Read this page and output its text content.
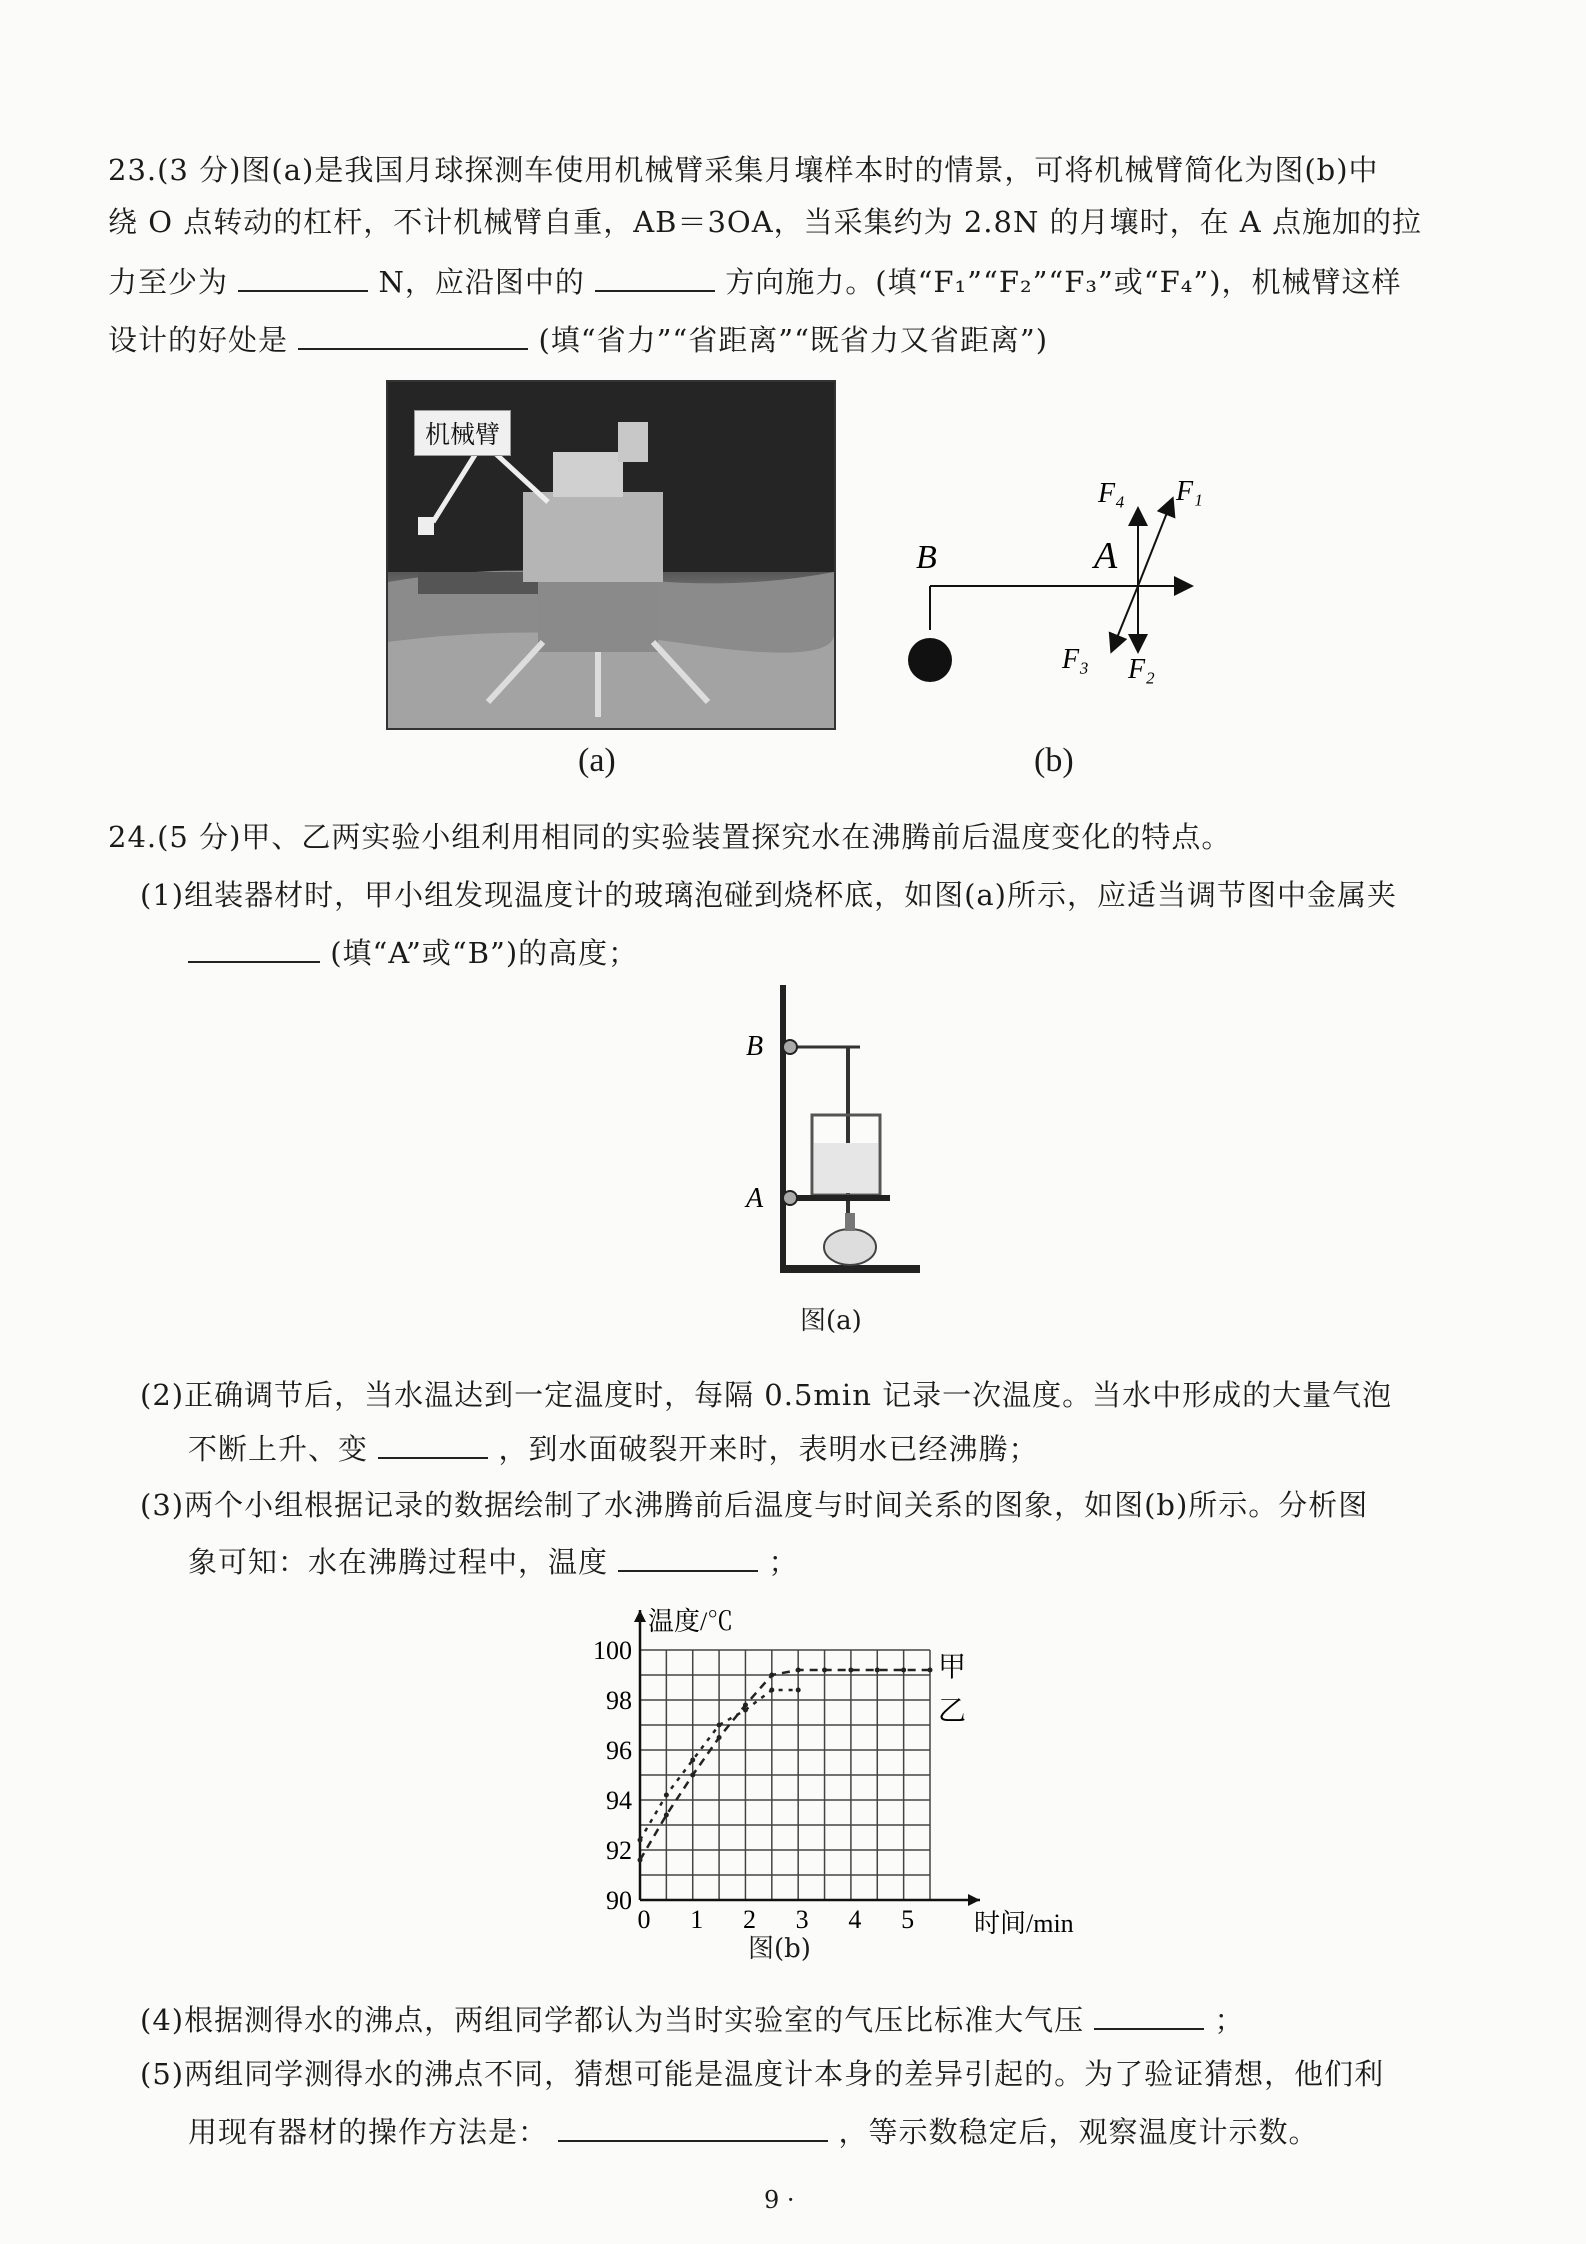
23.(3 分)图(a)是我国月球探测车使用机械臂采集月壤样本时的情景，可将机械臂简化为图(b)中
绕 O 点转动的杠杆，不计机械臂自重，AB＝3OA，当采集约为 2.8N 的月壤时，在 A 点施加的拉
力至少为	N，应沿图中的	方向施力。(填“F₁”“F₂”“F₃”或“F₄”)，机械臂这样
设计的好处是	(填“省力”“省距离”“既省力又省距离”)
机械臂
(a)
B	A
F₄ F₁
F₃ F₂
(b)
24.(5 分)甲、乙两实验小组利用相同的实验装置探究水在沸腾前后温度变化的特点。
(1)组装器材时，甲小组发现温度计的玻璃泡碰到烧杯底，如图(a)所示，应适当调节图中金属夹
(填“A”或“B”)的高度；
B
A
图(a)
(2)正确调节后，当水温达到一定温度时，每隔 0.5min 记录一次温度。当水中形成的大量气泡
不断上升、变	，到水面破裂开来时，表明水已经沸腾；
(3)两个小组根据记录的数据绘制了水沸腾前后温度与时间关系的图象，如图(b)所示。分析图
象可知：水在沸腾过程中，温度	；
90
92
94
96
98
100
0 1 2 3 4 5
温度/℃
时间/min
甲
乙
图(b)
(4)根据测得水的沸点，两组同学都认为当时实验室的气压比标准大气压	；
(5)两组同学测得水的沸点不同，猜想可能是温度计本身的差异引起的。为了验证猜想，他们利
用现有器材的操作方法是：	，等示数稳定后，观察温度计示数。
9 ·
